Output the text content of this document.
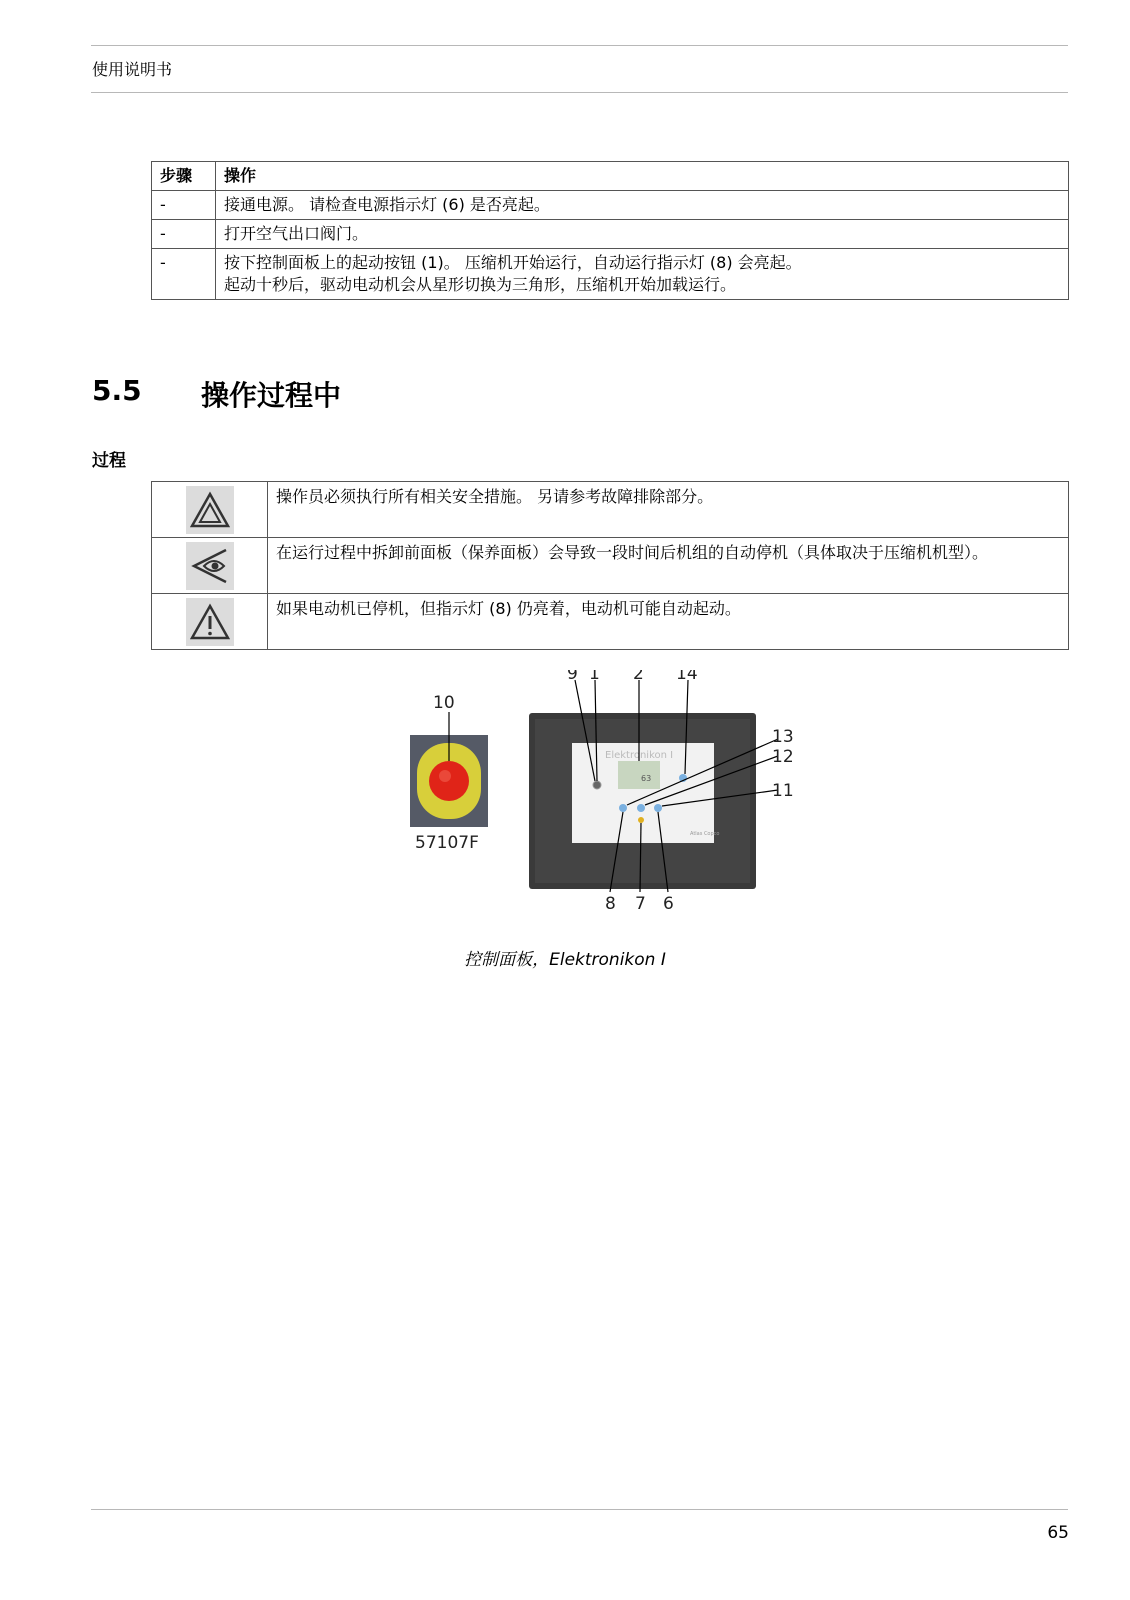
使用说明书
步骤	操作
-	接通电源。 请检查电源指示灯 (6) 是否亮起。
-	打开空气出口阀门。
-	按下控制面板上的起动按钮 (1)。 压缩机开始运行，自动运行指示灯 (8) 会亮起。
起动十秒后，驱动电动机会从星形切换为三角形，压缩机开始加载运行。
5.5 操作过程中
过程
	操作员必须执行所有相关安全措施。 另请参考故障排除部分。

	在运行过程中拆卸前面板（保养面板）会导致一段时间后机组的自动停机（具体取决于压缩机机型）。

	如果电动机已停机，但指示灯 (8) 仍亮着，电动机可能自动起动。
Elektronikon I
63
Atlas Copco
9 1 2 14
10
13
12
11
8 7 6
57107F
控制面板，Elektronikon I
65
